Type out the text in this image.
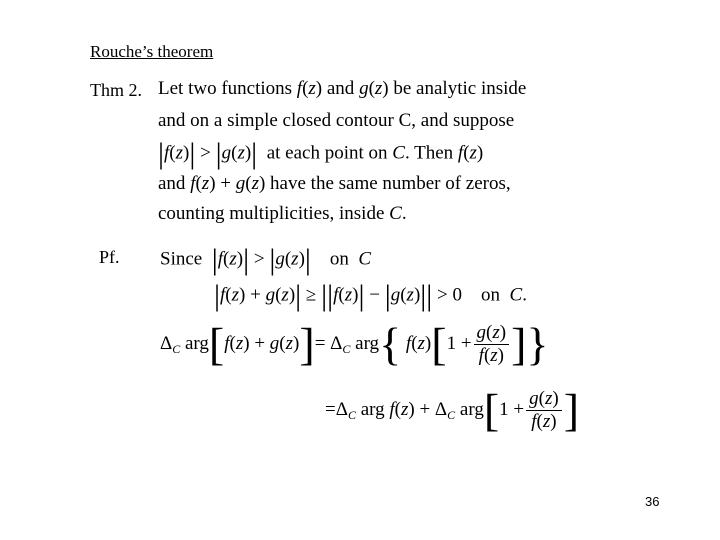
Rouche’s theorem
Thm 2. Let two functions f(z) and g(z) be analytic inside
and on a simple closed contour C, and suppose
|f(z)| > |g(z)|  at each point on C. Then f(z)
and f(z) + g(z) have the same number of zeros,
counting multiplicities, inside C.
Pf. Since  |f(z)| > |g(z)|    on  C
|f(z) + g(z)| ≥ ||f(z)| − |g(z)|| > 0    on  C.
$\Delta_C$ $arg[f(z) + g(z)]= \Delta_C$ arg{ $f(z)[1 + \frac{g(z)}{f(z)}$ ]}
$=\Delta_C$ arg $f(z) + \Delta_C$ $arg[1 + \frac{g(z)}{f(z)}$ ]
36
